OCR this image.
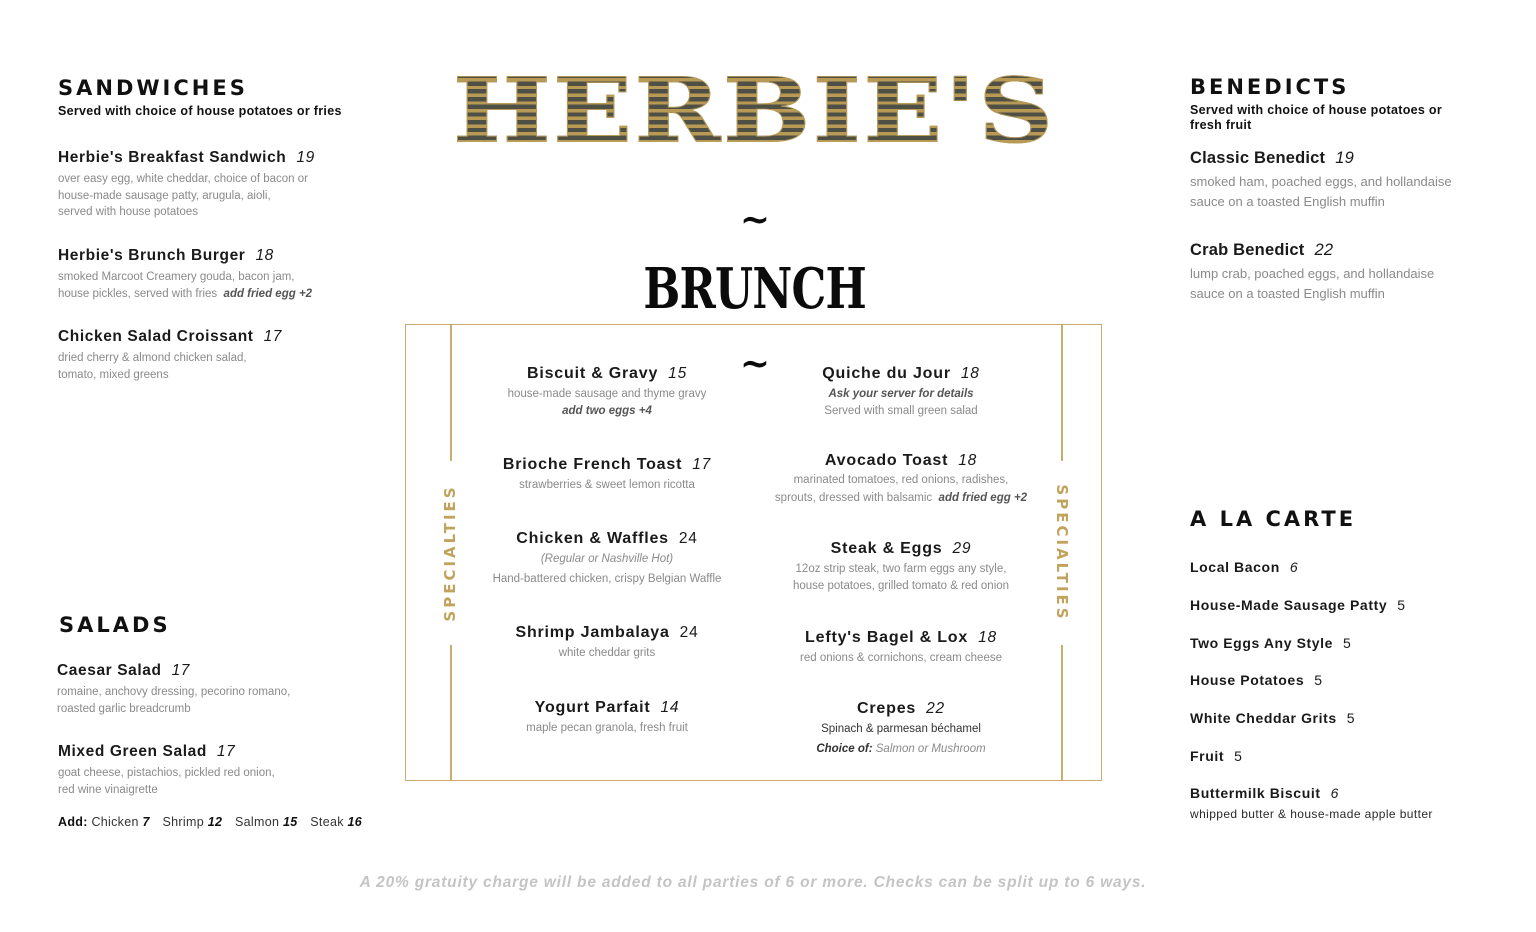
SANDWICHES
Served with choice of house potatoes or fries
Herbie's Breakfast Sandwich 19
over easy egg, white cheddar, choice of bacon or
house-made sausage patty, arugula, aioli,
served with house potatoes
Herbie's Brunch Burger 18
smoked Marcoot Creamery gouda, bacon jam,
house pickles, served with fries add fried egg +2
Chicken Salad Croissant 17
dried cherry & almond chicken salad,
tomato, mixed greens
SALADS
Caesar Salad 17
romaine, anchovy dressing, pecorino romano,
roasted garlic breadcrumb
Mixed Green Salad 17
goat cheese, pistachios, pickled red onion,
red wine vinaigrette
Add: Chicken 7 Shrimp 12 Salmon 15 Steak 16
HERBIE'S
~ BRUNCH ~
SPECIALTIES	SPECIALTIES
Biscuit & Gravy 15
house-made sausage and thyme gravy
add two eggs +4
Brioche French Toast 17
strawberries & sweet lemon ricotta
Chicken & Waffles 24
(Regular or Nashville Hot)
Hand-battered chicken, crispy Belgian Waffle
Shrimp Jambalaya 24
white cheddar grits
Yogurt Parfait 14
maple pecan granola, fresh fruit
Quiche du Jour 18
Ask your server for details
Served with small green salad
Avocado Toast 18
marinated tomatoes, red onions, radishes,
sprouts, dressed with balsamic add fried egg +2
Steak & Eggs 29
12oz strip steak, two farm eggs any style,
house potatoes, grilled tomato & red onion
Lefty's Bagel & Lox 18
red onions & cornichons, cream cheese
Crepes 22
Spinach & parmesan béchamel
Choice of: Salmon or Mushroom
BENEDICTS
Served with choice of house potatoes or
fresh fruit
Classic Benedict 19
smoked ham, poached eggs, and hollandaise
sauce on a toasted English muffin
Crab Benedict 22
lump crab, poached eggs, and hollandaise
sauce on a toasted English muffin
A LA CARTE
Local Bacon 6
House-Made Sausage Patty 5
Two Eggs Any Style 5
House Potatoes 5
White Cheddar Grits 5
Fruit 5
Buttermilk Biscuit 6
whipped butter & house-made apple butter
A 20% gratuity charge will be added to all parties of 6 or more. Checks can be split up to 6 ways.
